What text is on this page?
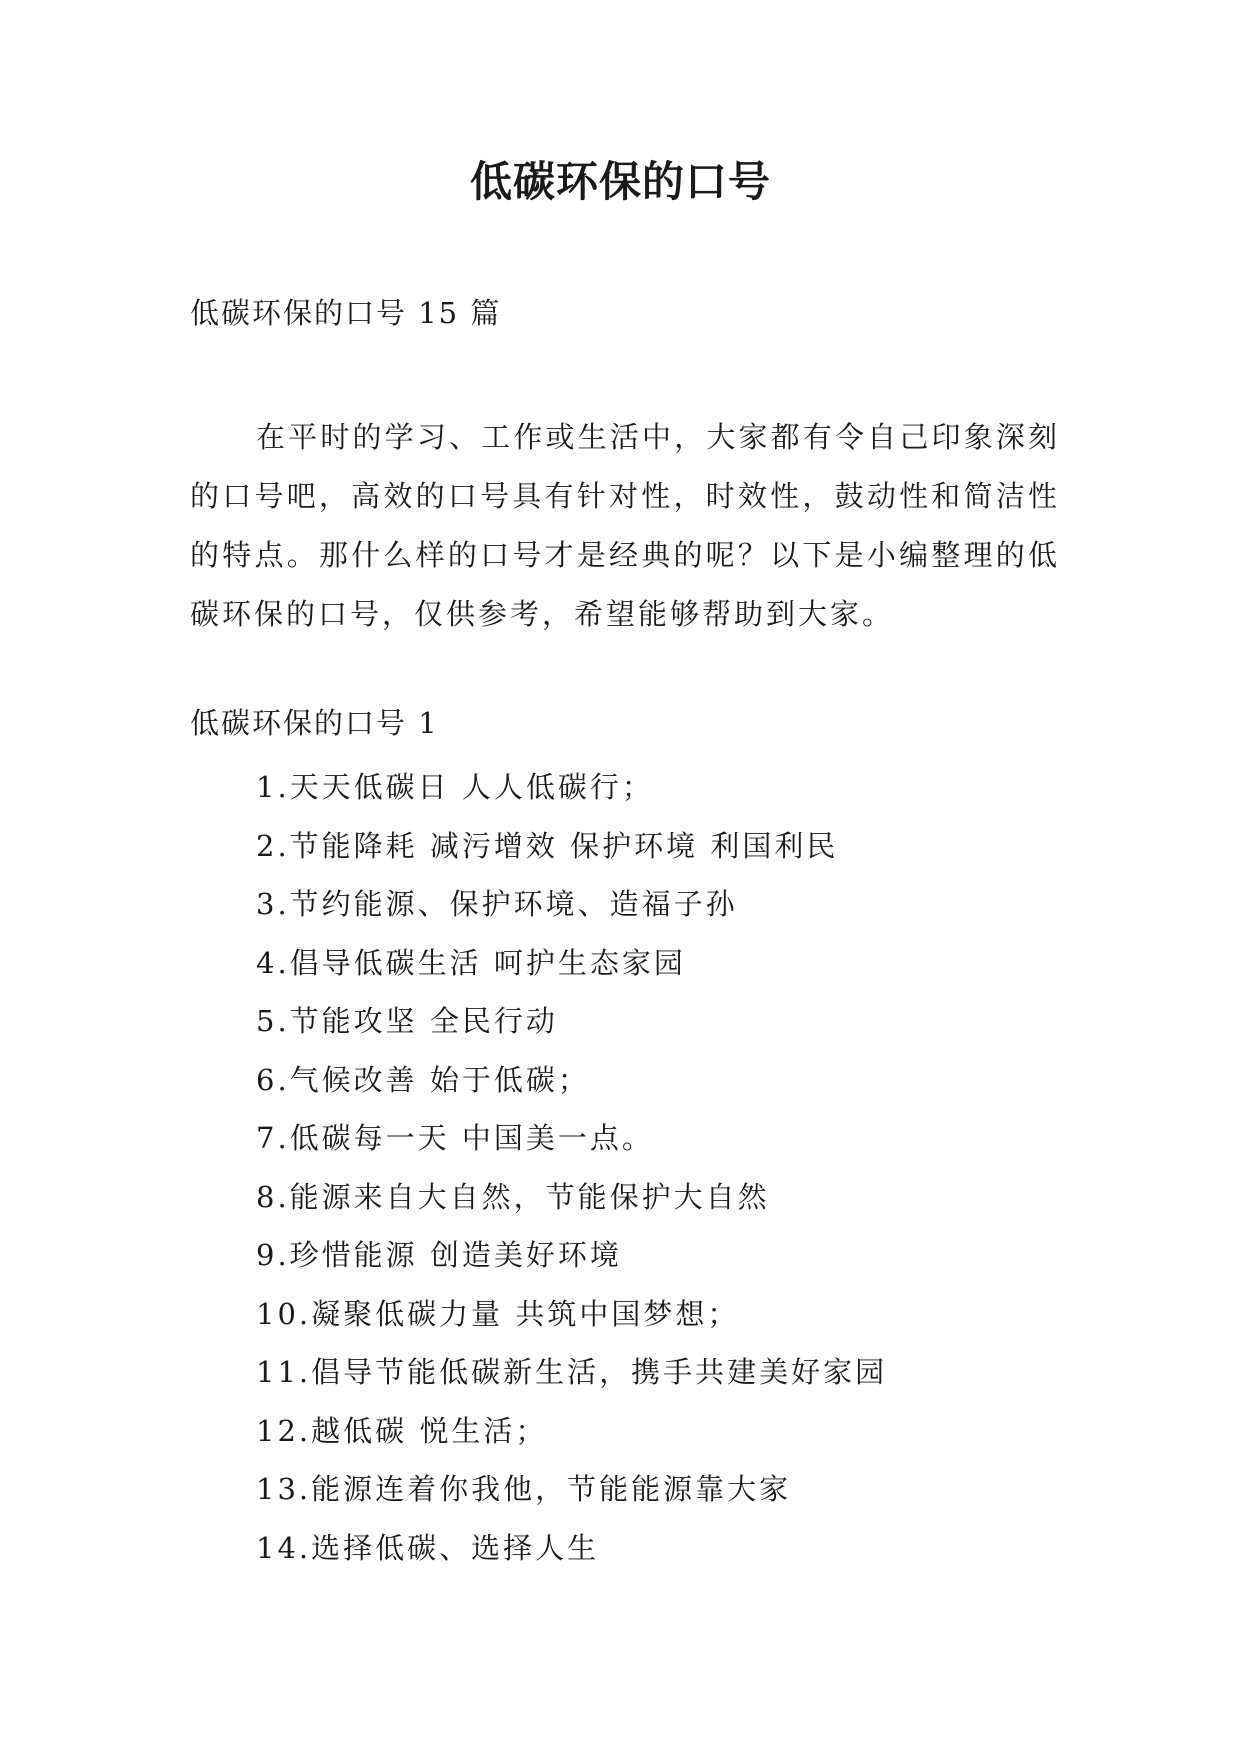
低碳环保的口号
低碳环保的口号 15 篇

在平时的学习、工作或生活中，大家都有令自己印象深刻的口号吧，高效的口号具有针对性，时效性，鼓动性和简洁性的特点。那什么样的口号才是经典的呢？以下是小编整理的低碳环保的口号，仅供参考，希望能够帮助到大家。

低碳环保的口号 1
1.天天低碳日 人人低碳行；
2.节能降耗 减污增效 保护环境 利国利民
3.节约能源、保护环境、造福子孙
4.倡导低碳生活 呵护生态家园
5.节能攻坚 全民行动
6.气候改善 始于低碳；
7.低碳每一天 中国美一点。
8.能源来自大自然，节能保护大自然
9.珍惜能源 创造美好环境
10.凝聚低碳力量 共筑中国梦想；
11.倡导节能低碳新生活，携手共建美好家园
12.越低碳 悦生活；
13.能源连着你我他，节能能源靠大家
14.选择低碳、选择人生
